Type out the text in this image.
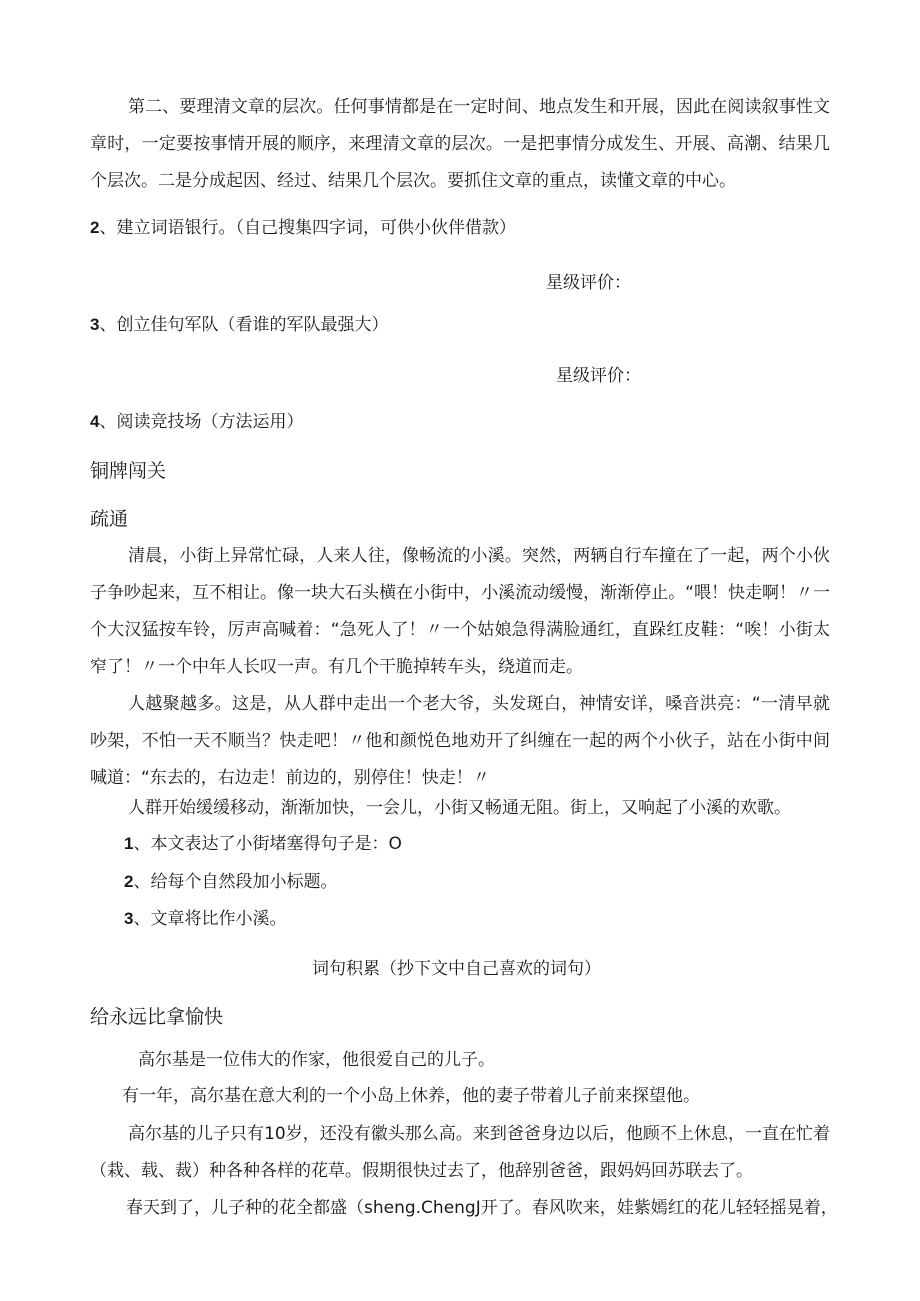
第二、要理清文章的层次。任何事情都是在一定时间、地点发生和开展，因此在阅读叙事性文章时，一定要按事情开展的顺序，来理清文章的层次。一是把事情分成发生、开展、高潮、结果几个层次。二是分成起因、经过、结果几个层次。要抓住文章的重点，读懂文章的中心。
2、建立词语银行。（自己搜集四字词，可供小伙伴借款）
星级评价：
3、创立佳句军队（看谁的军队最强大）
星级评价：
4、阅读竞技场（方法运用）
铜牌闯关
疏通
清晨，小街上异常忙碌，人来人往，像畅流的小溪。突然，两辆自行车撞在了一起，两个小伙子争吵起来，互不相让。像一块大石头横在小街中，小溪流动缓慢，渐渐停止。“喂！快走啊！〃一个大汉猛按车铃，厉声高喊着：“急死人了！〃一个姑娘急得满脸通红，直跺红皮鞋：“唉！小街太窄了！〃一个中年人长叹一声。有几个干脆掉转车头，绕道而走。
人越聚越多。这是，从人群中走出一个老大爷，头发斑白，神情安详，嗓音洪亮：“一清早就吵架，不怕一天不顺当？快走吧！〃他和颜悦色地劝开了纠缠在一起的两个小伙子，站在小街中间喊道：“东去的，右边走！前边的，别停住！快走！〃
人群开始缓缓移动，渐渐加快，一会儿，小街又畅通无阻。街上，又响起了小溪的欢歌。
1、本文表达了小街堵塞得句子是：O
2、给每个自然段加小标题。
3、文章将比作小溪。
词句积累（抄下文中自己喜欢的词句）
给永远比拿愉快
高尔基是一位伟大的作家，他很爱自己的儿子。
有一年，高尔基在意大利的一个小岛上休养，他的妻子带着儿子前来探望他。
高尔基的儿子只有10岁，还没有徽头那么高。来到爸爸身边以后，他顾不上休息，一直在忙着（栽、载、裁）种各种各样的花草。假期很快过去了，他辞别爸爸，跟妈妈回苏联去了。
春天到了，儿子种的花全都盛（sheng.ChengJ开了。春风吹来，娃紫嫣红的花儿轻轻摇晃着，
